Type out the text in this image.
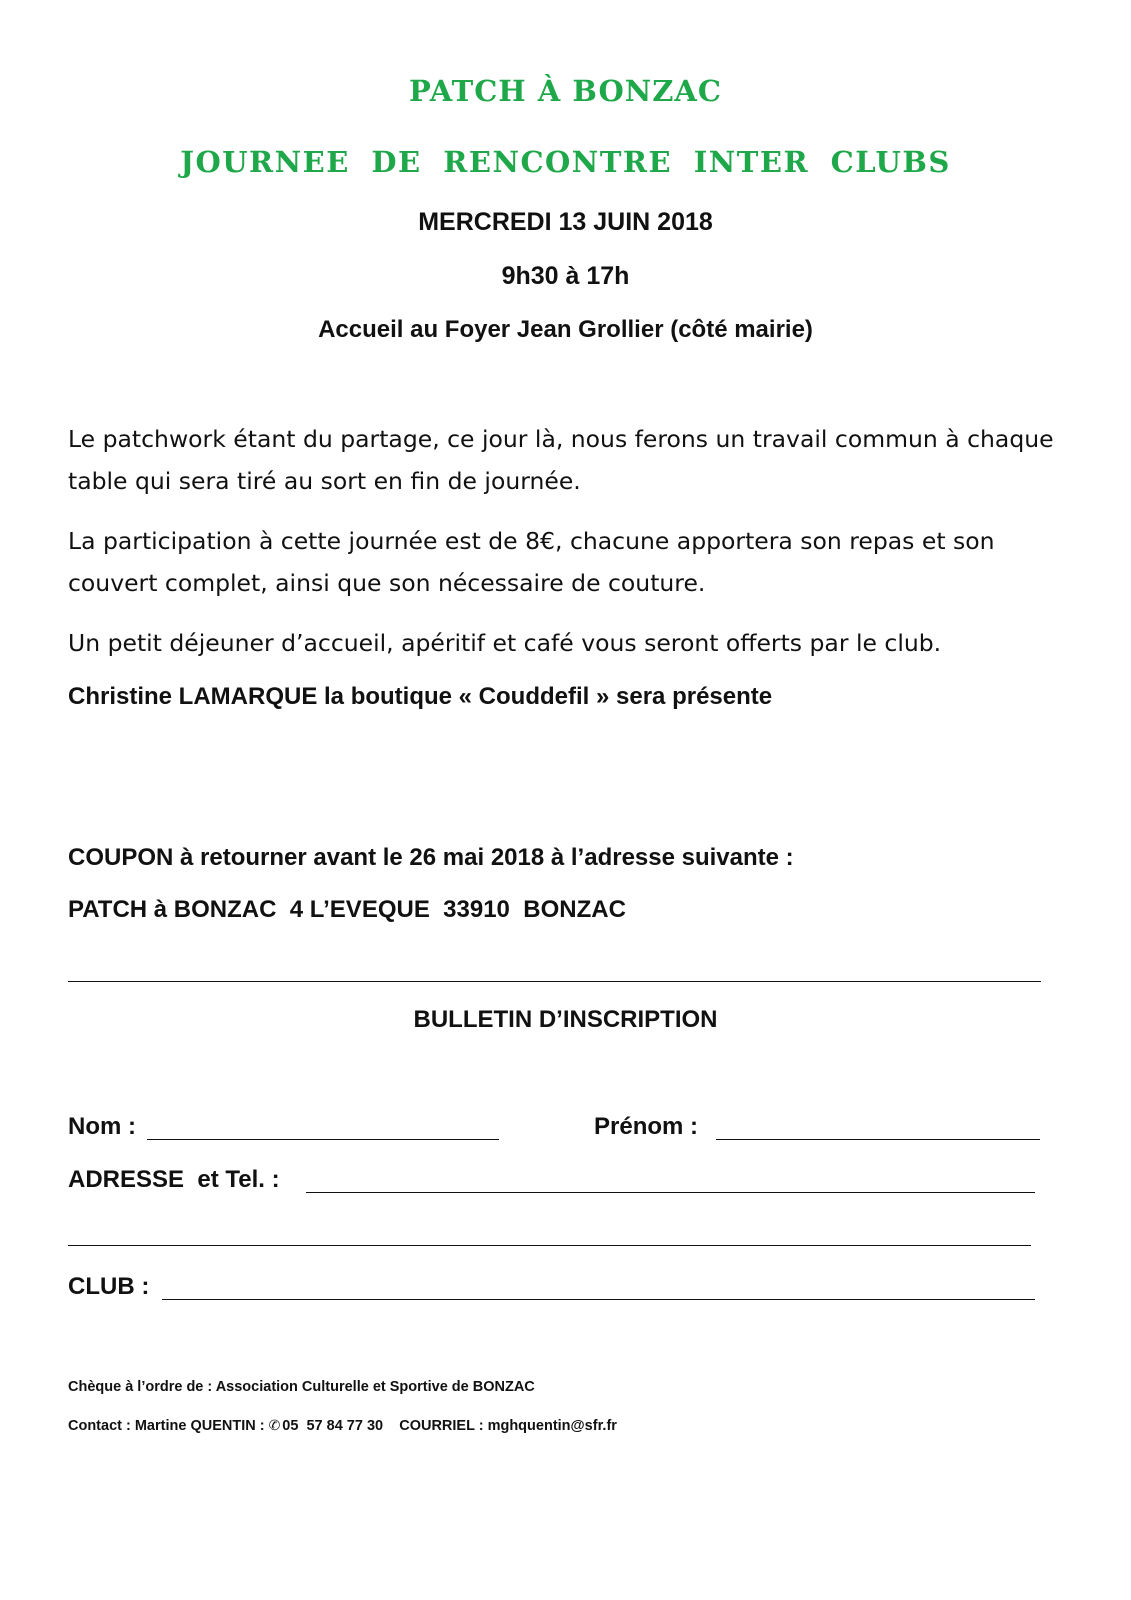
PATCH À BONZAC
JOURNEE DE RENCONTRE INTER CLUBS
MERCREDI 13 JUIN 2018
9h30 à 17h
Accueil au Foyer Jean Grollier (côté mairie)
Le patchwork étant du partage, ce jour là, nous ferons un travail commun à chaque table qui sera tiré au sort en fin de journée.
La participation à cette journée est de 8€, chacune apportera son repas et son couvert complet, ainsi que son nécessaire de couture.
Un petit déjeuner d’accueil, apéritif et café vous seront offerts par le club.
Christine LAMARQUE la boutique « Couddefil » sera présente
COUPON à retourner avant le 26 mai 2018 à l’adresse suivante :
PATCH à BONZAC  4 L’EVEQUE  33910  BONZAC
BULLETIN D’INSCRIPTION
Nom :	Prénom :
ADRESSE  et Tel. :
CLUB :
Chèque à l’ordre de : Association Culturelle et Sportive de BONZAC
Contact : Martine QUENTIN : ✆ 05  57 84 77 30 COURRIEL : mghquentin@sfr.fr
